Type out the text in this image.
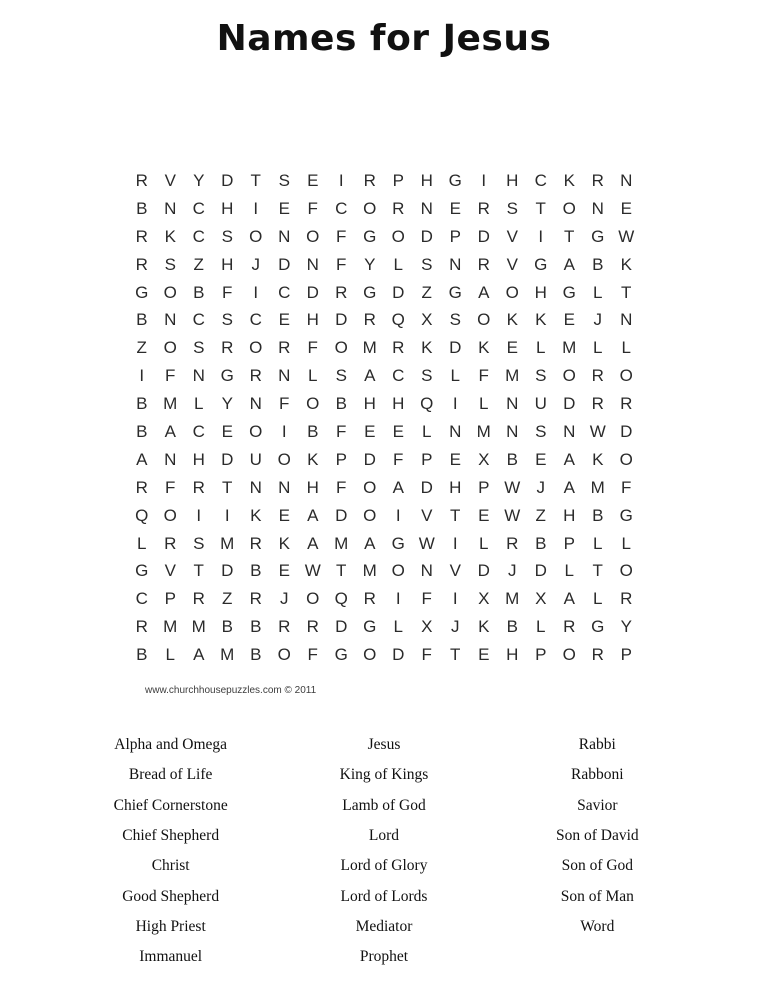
Names for Jesus
R V	Y D	T	S	E	I	R P H G	I	H C K R N
B N C H	I	E	F	C O R N E R S	T O N E
R K C S O N O F G O D P D V	I	T G W
R S	Z	H	J	D N	F	Y	L	S N R V G A	B	K
G O B	F	I	C D R G D	Z G A O H G	L	T
B N C S C E H D R Q X	S O K	K	E	J	N
Z O S R O R	F O M R K D K	E	L M L	L
I	F	N G R N	L	S	A C S	L	F M S O R O
B M L	Y N	F O B H H Q	I	L	N U D R R
B	A C E O	I	B	F	E	E	L	N M N S N W D
A N H D U O K	P D	F	P	E	X	B	E	A	K O
R	F	R	T	N N H	F O A D H P W J	A M F
Q O	I	I	K	E	A D O	I	V	T	E W Z	H B G
L	R S M R K	A M A G W	I	L	R B	P	L	L
G V	T	D B	E W T M O N V D	J	D	L	T O
C P R	Z	R	J	O Q R	I	F	I	X M X	A	L	R
R M M B	B R R D G	L	X	J	K	B	L	R G Y
B	L	A M B O F G O D	F	T	E H P O R P
www.churchhousepuzzles.com © 2011
Alpha and Omega
Bread of Life
Chief Cornerstone
Chief Shepherd
Christ
Good Shepherd
High Priest
Immanuel
Jesus
King of Kings
Lamb of God
Lord
Lord of Glory
Lord of Lords
Mediator
Prophet
Rabbi
Rabboni
Savior
Son of David
Son of God
Son of Man
Word
